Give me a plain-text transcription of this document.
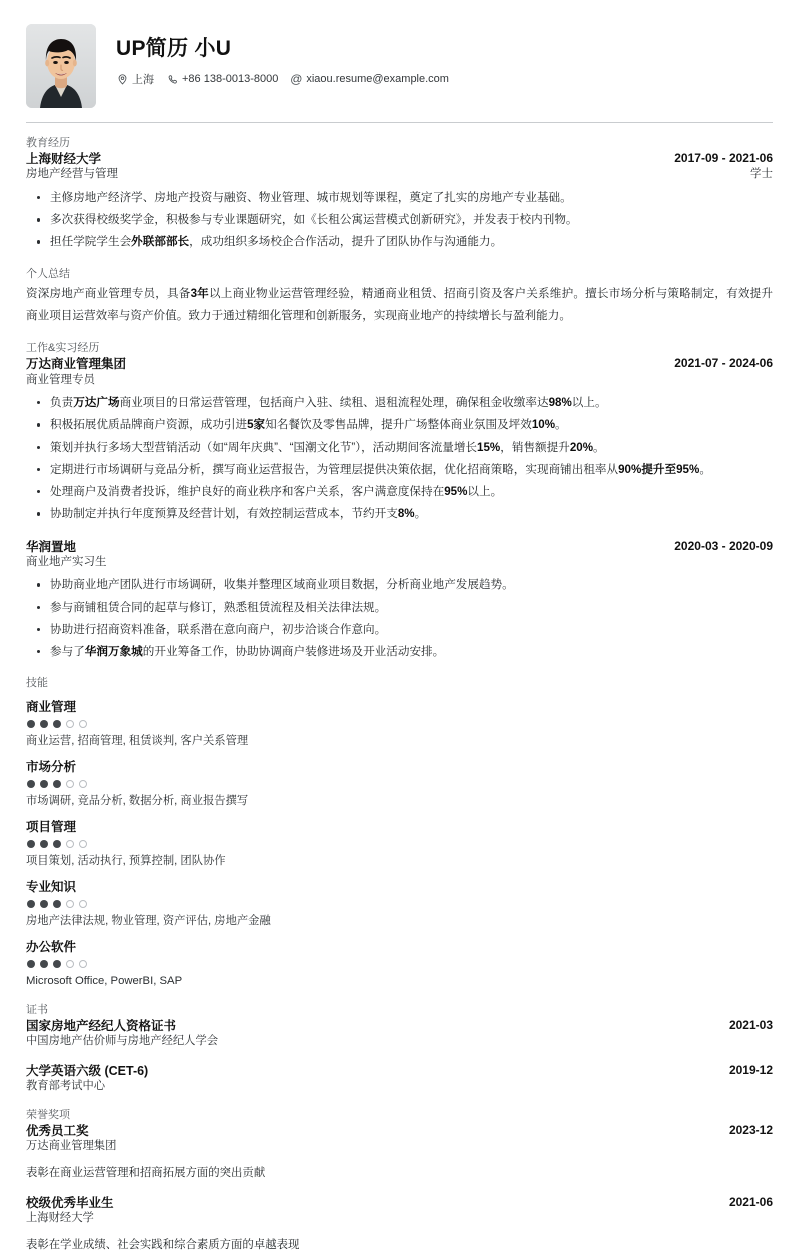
UP简历 小U
上海	+86 138-0013-8000 @ xiaou.resume@example.com
教育经历
上海财经大学
房地产经营与管理
2017-09 - 2021-06
学士
主修房地产经济学、房地产投资与融资、物业管理、城市规划等课程，奠定了扎实的房地产专业基础。
多次获得校级奖学金，积极参与专业课题研究，如《长租公寓运营模式创新研究》，并发表于校内刊物。
担任学院学生会外联部部长，成功组织多场校企合作活动，提升了团队协作与沟通能力。
个人总结
资深房地产商业管理专员，具备3年以上商业物业运营管理经验，精通商业租赁、招商引资及客户关系维护。擅长市场分析与策略制定，有效提升商业项目运营效率与资产价值。致力于通过精细化管理和创新服务，实现商业地产的持续增长与盈利能力。
工作&实习经历
万达商业管理集团
商业管理专员
2021-07 - 2024-06
负责万达广场商业项目的日常运营管理，包括商户入驻、续租、退租流程处理，确保租金收缴率达98%以上。
积极拓展优质品牌商户资源，成功引进5家知名餐饮及零售品牌，提升广场整体商业氛围及坪效10%。
策划并执行多场大型营销活动（如“周年庆典”、“国潮文化节”），活动期间客流量增长15%，销售额提升20%。
定期进行市场调研与竞品分析，撰写商业运营报告，为管理层提供决策依据，优化招商策略，实现商铺出租率从90%提升至95%。
处理商户及消费者投诉，维护良好的商业秩序和客户关系，客户满意度保持在95%以上。
协助制定并执行年度预算及经营计划，有效控制运营成本，节约开支8%。
华润置地
商业地产实习生
2020-03 - 2020-09
协助商业地产团队进行市场调研，收集并整理区域商业项目数据，分析商业地产发展趋势。
参与商铺租赁合同的起草与修订，熟悉租赁流程及相关法律法规。
协助进行招商资料准备，联系潜在意向商户，初步洽谈合作意向。
参与了华润万象城的开业筹备工作，协助协调商户装修进场及开业活动安排。
技能
商业管理
商业运营, 招商管理, 租赁谈判, 客户关系管理
市场分析
市场调研, 竞品分析, 数据分析, 商业报告撰写
项目管理
项目策划, 活动执行, 预算控制, 团队协作
专业知识
房地产法律法规, 物业管理, 资产评估, 房地产金融
办公软件
Microsoft Office, PowerBI, SAP
证书
国家房地产经纪人资格证书
中国房地产估价师与房地产经纪人学会
2021-03
大学英语六级 (CET-6)
教育部考试中心
2019-12
荣誉奖项
优秀员工奖
万达商业管理集团
2023-12
表彰在商业运营管理和招商拓展方面的突出贡献
校级优秀毕业生
上海财经大学
2021-06
表彰在学业成绩、社会实践和综合素质方面的卓越表现
